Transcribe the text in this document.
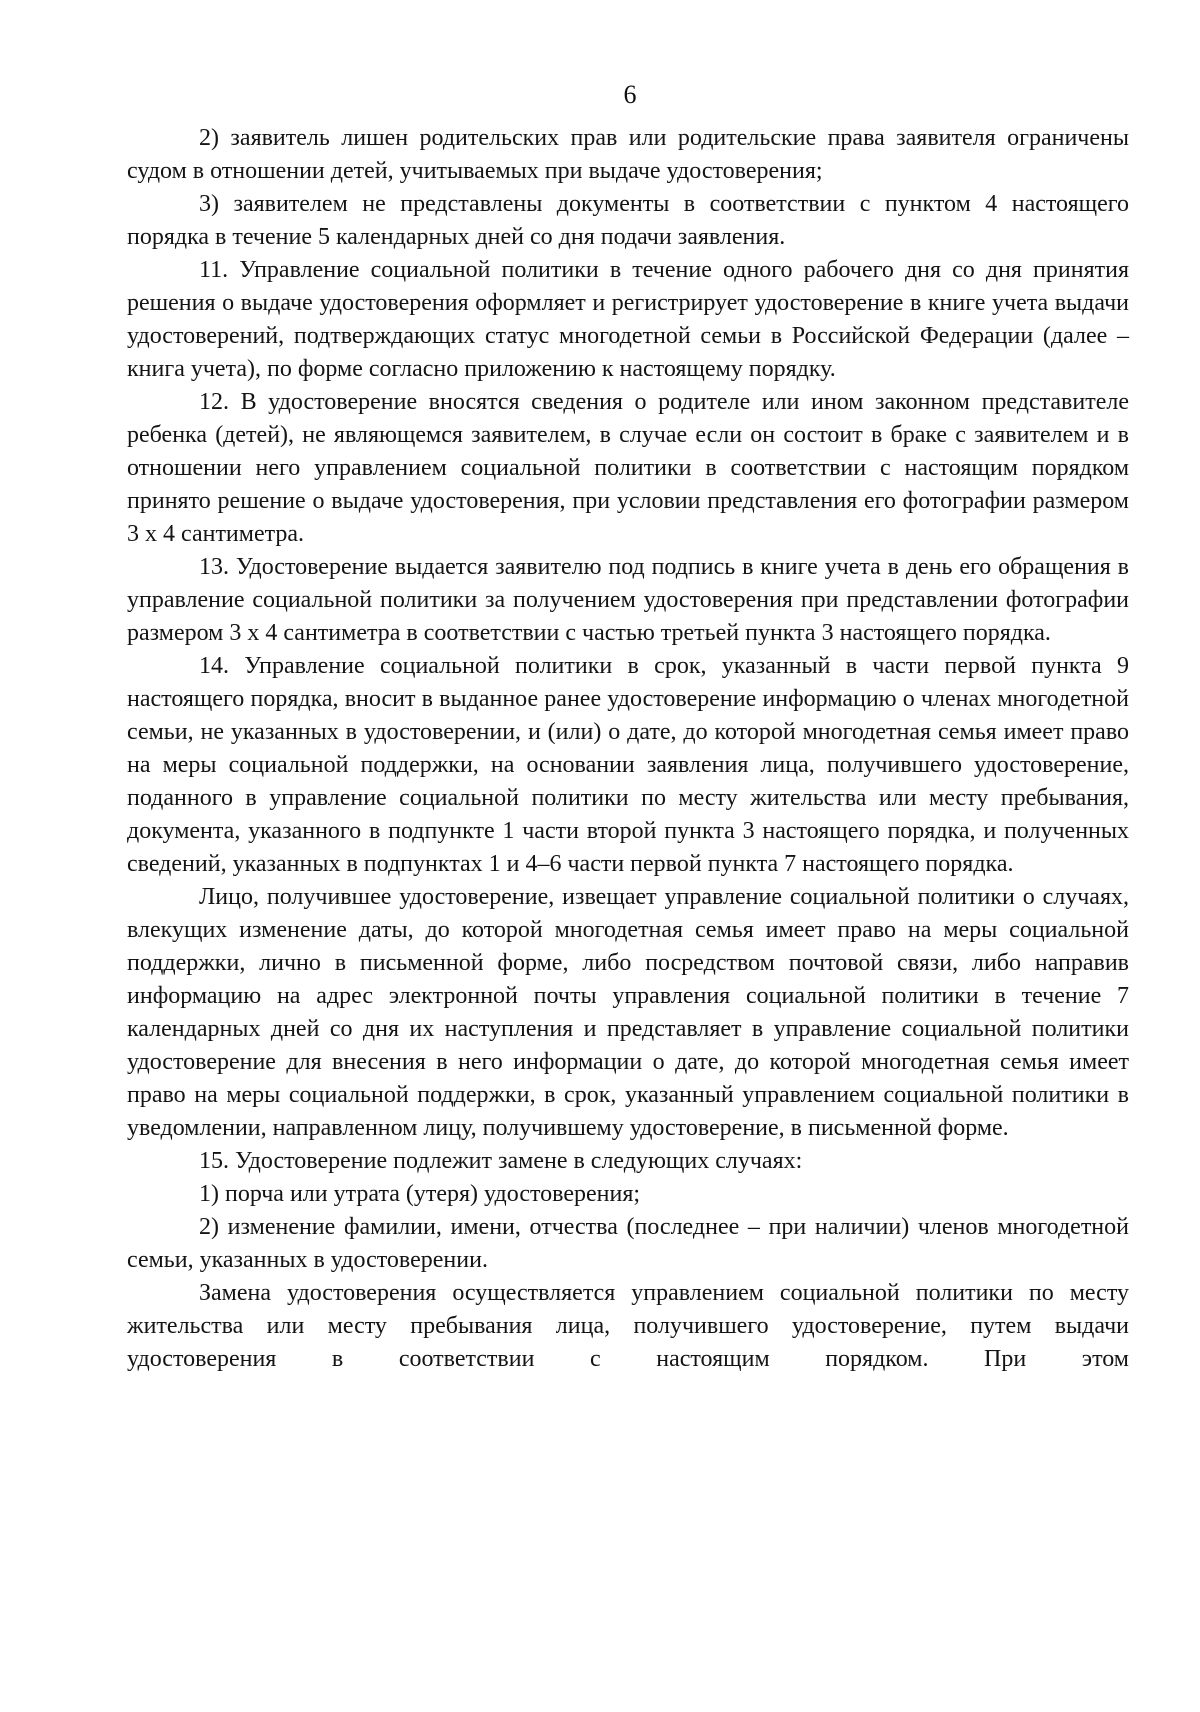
6

2) заявитель лишен родительских прав или родительские права заявителя ограничены судом в отношении детей, учитываемых при выдаче удостоверения;

3) заявителем не представлены документы в соответствии с пунктом 4 настоящего порядка в течение 5 календарных дней со дня подачи заявления.

11. Управление социальной политики в течение одного рабочего дня со дня принятия решения о выдаче удостоверения оформляет и регистрирует удостоверение в книге учета выдачи удостоверений, подтверждающих статус многодетной семьи в Российской Федерации (далее – книга учета), по форме согласно приложению к настоящему порядку.

12. В удостоверение вносятся сведения о родителе или ином законном представителе ребенка (детей), не являющемся заявителем, в случае если он состоит в браке с заявителем и в отношении него управлением социальной политики в соответствии с настоящим порядком принято решение о выдаче удостоверения, при условии представления его фотографии размером 3 х 4 сантиметра.

13. Удостоверение выдается заявителю под подпись в книге учета в день его обращения в управление социальной политики за получением удостоверения при представлении фотографии размером 3 х 4 сантиметра в соответствии с частью третьей пункта 3 настоящего порядка.

14. Управление социальной политики в срок, указанный в части первой пункта 9 настоящего порядка, вносит в выданное ранее удостоверение информацию о членах многодетной семьи, не указанных в удостоверении, и (или) о дате, до которой многодетная семья имеет право на меры социальной поддержки, на основании заявления лица, получившего удостоверение, поданного в управление социальной политики по месту жительства или месту пребывания, документа, указанного в подпункте 1 части второй пункта 3 настоящего порядка, и полученных сведений, указанных в подпунктах 1 и 4–6 части первой пункта 7 настоящего порядка.

Лицо, получившее удостоверение, извещает управление социальной политики о случаях, влекущих изменение даты, до которой многодетная семья имеет право на меры социальной поддержки, лично в письменной форме, либо посредством почтовой связи, либо направив информацию на адрес электронной почты управления социальной политики в течение 7 календарных дней со дня их наступления и представляет в управление социальной политики удостоверение для внесения в него информации о дате, до которой многодетная семья имеет право на меры социальной поддержки, в срок, указанный управлением социальной политики в уведомлении, направленном лицу, получившему удостоверение, в письменной форме.

15. Удостоверение подлежит замене в следующих случаях:

1) порча или утрата (утеря) удостоверения;

2) изменение фамилии, имени, отчества (последнее – при наличии) членов многодетной семьи, указанных в удостоверении.

Замена удостоверения осуществляется управлением социальной политики по месту жительства или месту пребывания лица, получившего удостоверение, путем выдачи удостоверения в соответствии с настоящим порядком. При этом
